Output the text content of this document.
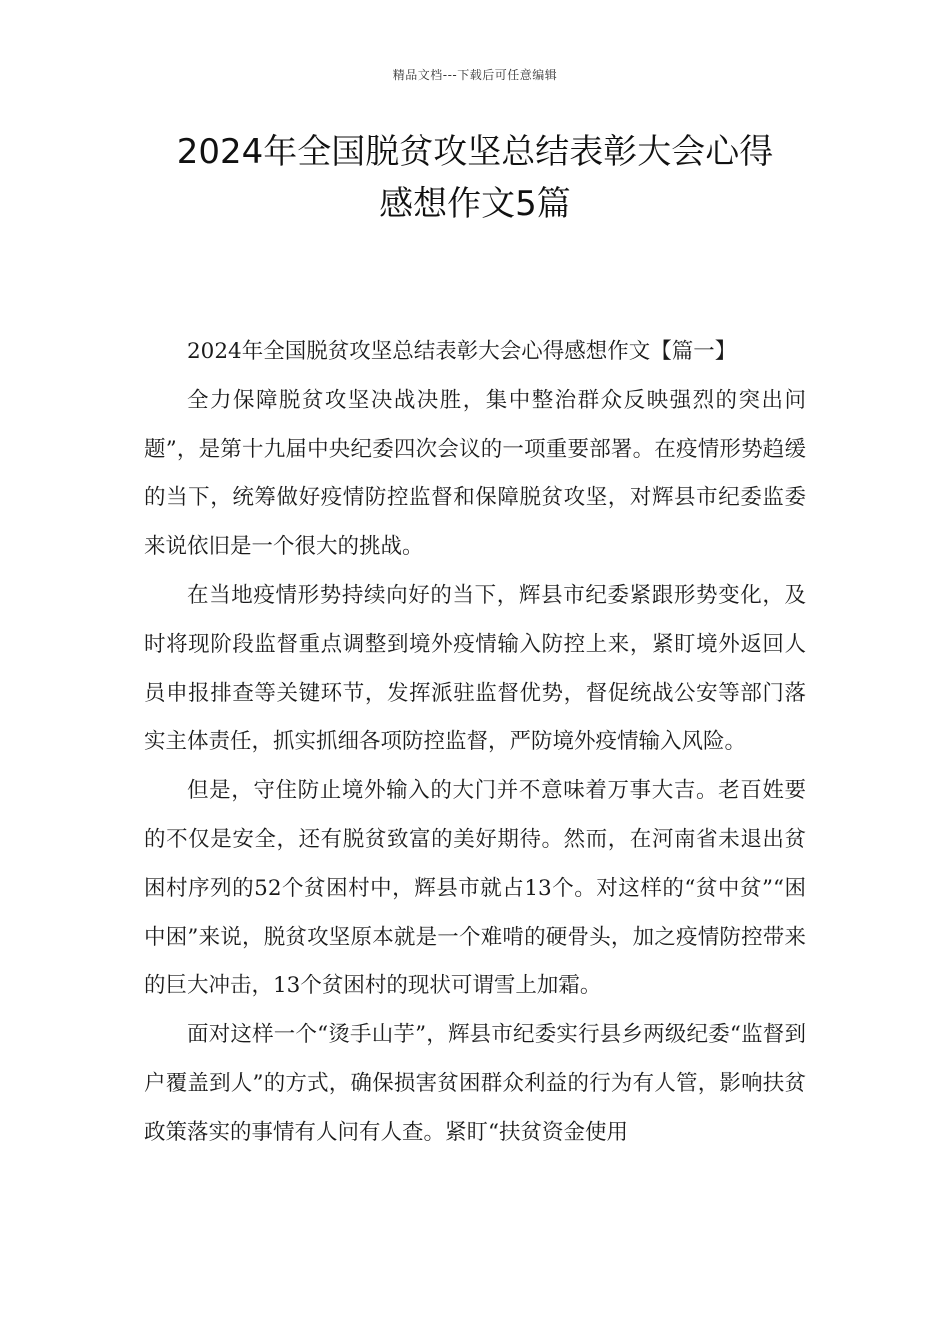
精品文档---下载后可任意编辑
2024年全国脱贫攻坚总结表彰大会心得
感想作文5篇

2024年全国脱贫攻坚总结表彰大会心得感想作文【篇一】

全力保障脱贫攻坚决战决胜，集中整治群众反映强烈的突出问题”，是第十九届中央纪委四次会议的一项重要部署。在疫情形势趋缓的当下，统筹做好疫情防控监督和保障脱贫攻坚，对辉县市纪委监委来说依旧是一个很大的挑战。

在当地疫情形势持续向好的当下，辉县市纪委紧跟形势变化，及时将现阶段监督重点调整到境外疫情输入防控上来，紧盯境外返回人员申报排查等关键环节，发挥派驻监督优势，督促统战公安等部门落实主体责任，抓实抓细各项防控监督，严防境外疫情输入风险。

但是，守住防止境外输入的大门并不意味着万事大吉。老百姓要的不仅是安全，还有脱贫致富的美好期待。然而，在河南省未退出贫困村序列的52个贫困村中，辉县市就占13个。对这样的“贫中贫”“困中困”来说，脱贫攻坚原本就是一个难啃的硬骨头，加之疫情防控带来的巨大冲击，13个贫困村的现状可谓雪上加霜。

面对这样一个“烫手山芋”，辉县市纪委实行县乡两级纪委“监督到户覆盖到人”的方式，确保损害贫困群众利益的行为有人管，影响扶贫政策落实的事情有人问有人查。紧盯“扶贫资金使用
